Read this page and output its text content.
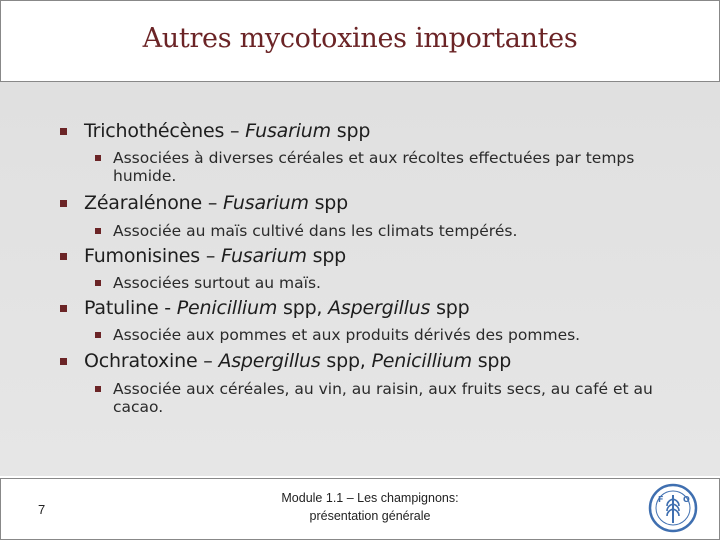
Autres mycotoxines importantes
Trichothécènes – Fusarium spp
Associées à diverses céréales et aux récoltes effectuées par temps humide.
Zéaralénone – Fusarium spp
Associée au maïs cultivé dans les climats tempérés.
Fumonisines – Fusarium spp
Associées surtout au maïs.
Patuline - Penicillium spp, Aspergillus spp
Associée aux pommes et aux produits dérivés des pommes.
Ochratoxine – Aspergillus spp, Penicillium spp
Associée aux céréales, au vin, au raisin, aux fruits secs, au café et au cacao.
7
Module 1.1 – Les champignons:
présentation générale
F O
